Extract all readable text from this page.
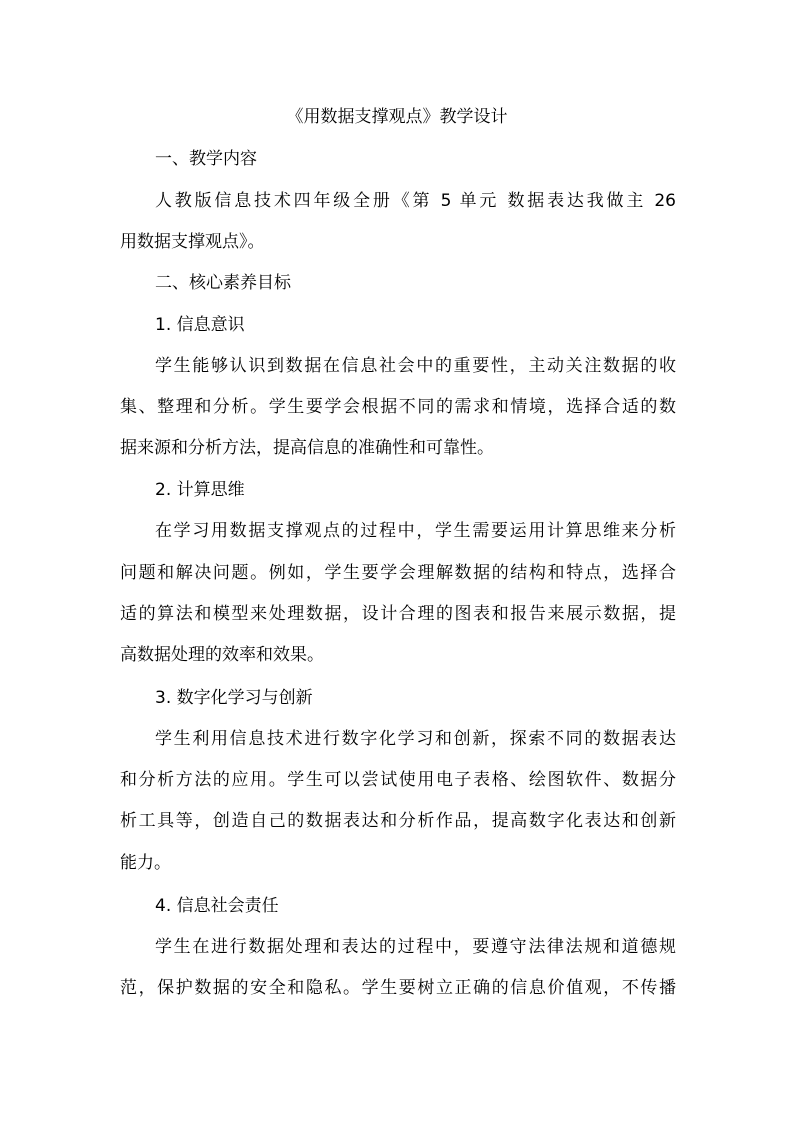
《用数据支撑观点》教学设计
一、教学内容
人教版信息技术四年级全册《第 5 单元 数据表达我做主 26
用数据支撑观点》。
二、核心素养目标
1. 信息意识
学生能够认识到数据在信息社会中的重要性，主动关注数据的收
集、整理和分析。学生要学会根据不同的需求和情境，选择合适的数
据来源和分析方法，提高信息的准确性和可靠性。
2. 计算思维
在学习用数据支撑观点的过程中，学生需要运用计算思维来分析
问题和解决问题。例如，学生要学会理解数据的结构和特点，选择合
适的算法和模型来处理数据，设计合理的图表和报告来展示数据，提
高数据处理的效率和效果。
3. 数字化学习与创新
学生利用信息技术进行数字化学习和创新，探索不同的数据表达
和分析方法的应用。学生可以尝试使用电子表格、绘图软件、数据分
析工具等，创造自己的数据表达和分析作品，提高数字化表达和创新
能力。
4. 信息社会责任
学生在进行数据处理和表达的过程中，要遵守法律法规和道德规
范，保护数据的安全和隐私。学生要树立正确的信息价值观，不传播
